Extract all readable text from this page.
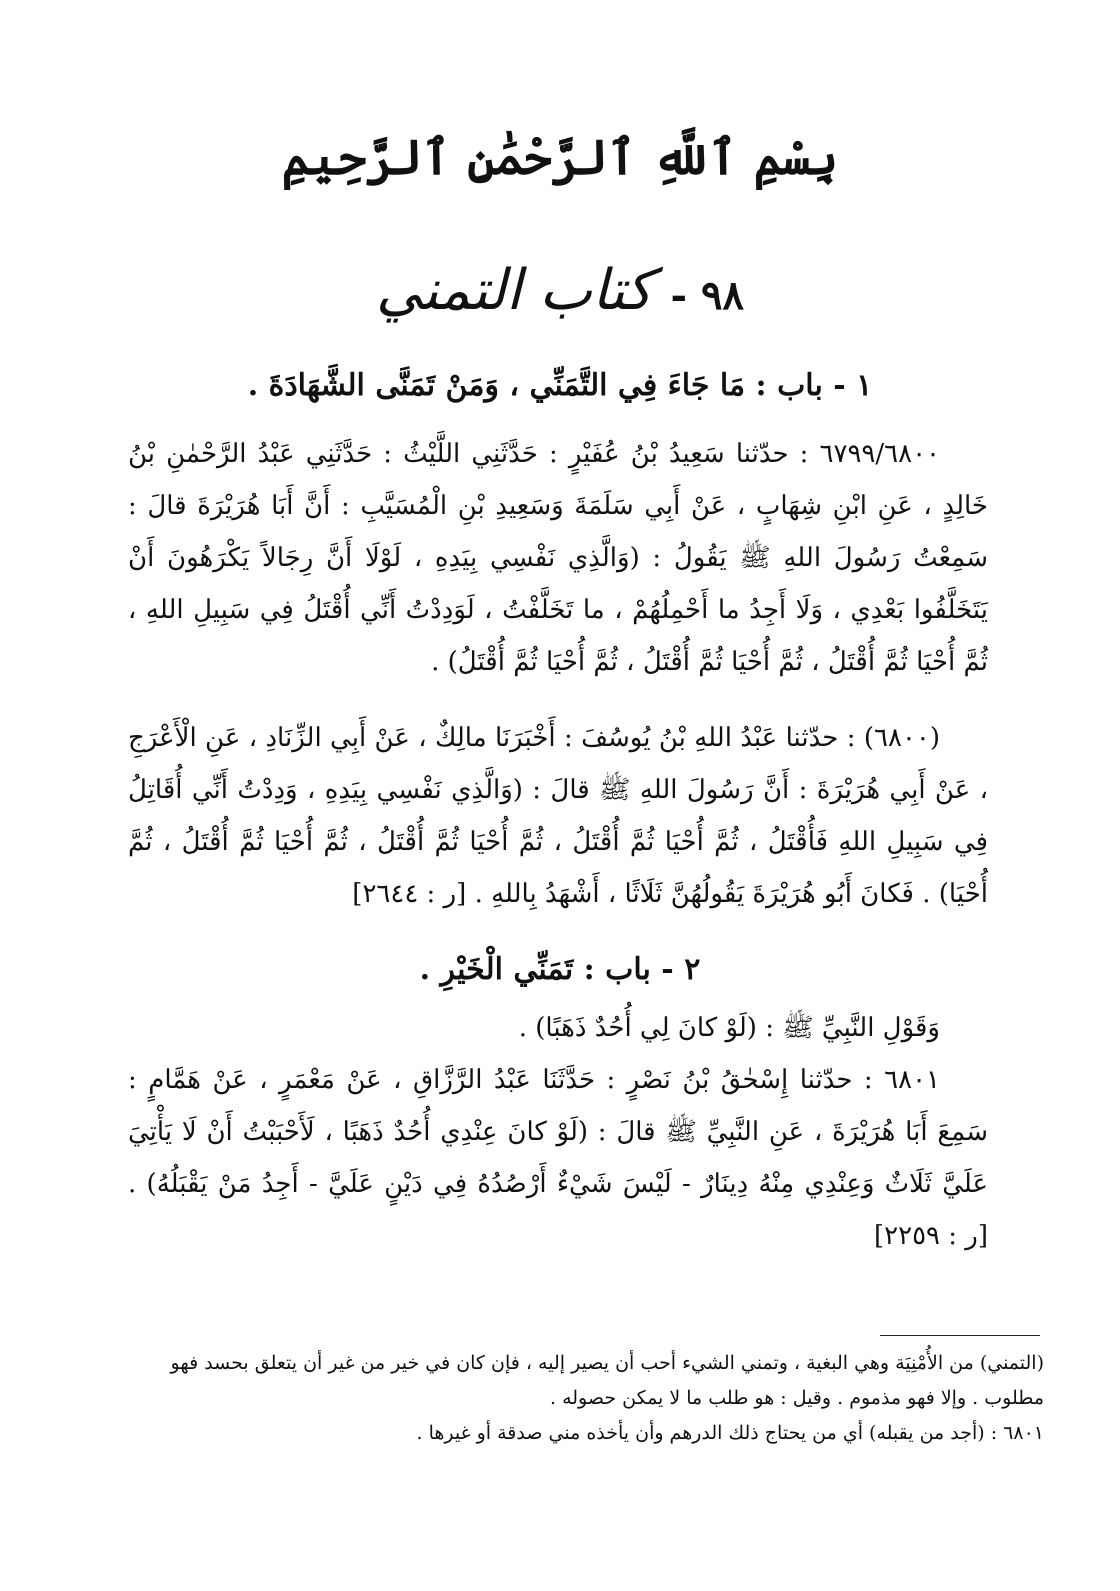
بِسْمِ ٱللَّهِ ٱلرَّحْمَٰنِ ٱلرَّحِيمِ
٩٨ - كتاب التمني
١ - باب : مَا جَاءَ فِي التَّمَنِّي ، وَمَنْ تَمَنَّى الشَّهَادَةَ .
٦٧٩٩/٦٨٠٠ : حدّثنا سَعِيدُ بْنُ عُفَيْرٍ : حَدَّثَنِي اللَّيْثُ : حَدَّثَنِي عَبْدُ الرَّحْمٰنِ بْنُ خَالِدٍ ، عَنِ ابْنِ شِهَابٍ ، عَنْ أَبِي سَلَمَةَ وَسَعِيدِ بْنِ الْمُسَيَّبِ : أَنَّ أَبَا هُرَيْرَةَ قالَ : سَمِعْتُ رَسُولَ اللهِ ﷺ يَقُولُ : (وَالَّذِي نَفْسِي بِيَدِهِ ، لَوْلَا أَنَّ رِجَالاً يَكْرَهُونَ أَنْ يَتَخَلَّفُوا بَعْدِي ، وَلَا أَجِدُ ما أَحْمِلُهُمْ ، ما تَخَلَّفْتُ ، لَوَدِدْتُ أَنِّي أُقْتَلُ فِي سَبِيلِ اللهِ ، ثُمَّ أُحْيَا ثُمَّ أُقْتَلُ ، ثُمَّ أُحْيَا ثُمَّ أُقْتَلُ ، ثُمَّ أُحْيَا ثُمَّ أُقْتَلُ) .
(٦٨٠٠) : حدّثنا عَبْدُ اللهِ بْنُ يُوسُفَ : أَخْبَرَنَا مالِكٌ ، عَنْ أَبِي الزِّنَادِ ، عَنِ الْأَعْرَجِ ، عَنْ أَبِي هُرَيْرَةَ : أَنَّ رَسُولَ اللهِ ﷺ قالَ : (وَالَّذِي نَفْسِي بِيَدِهِ ، وَدِدْتُ أَنِّي أُقَاتِلُ فِي سَبِيلِ اللهِ فَأُقْتَلُ ، ثُمَّ أُحْيَا ثُمَّ أُقْتَلُ ، ثُمَّ أُحْيَا ثُمَّ أُقْتَلُ ، ثُمَّ أُحْيَا ثُمَّ أُقْتَلُ ، ثُمَّ أُحْيَا) . فَكانَ أَبُو هُرَيْرَةَ يَقُولُهُنَّ ثَلَاثًا ، أَشْهَدُ بِاللهِ . [ر : ٢٦٤٤]
٢ - باب : تَمَنِّي الْخَيْرِ .
وَقَوْلِ النَّبِيِّ ﷺ : (لَوْ كانَ لِي أُحُدٌ ذَهَبًا) .
٦٨٠١ : حدّثنا إِسْحٰقُ بْنُ نَصْرٍ : حَدَّثَنَا عَبْدُ الرَّزَّاقِ ، عَنْ مَعْمَرٍ ، عَنْ هَمَّامٍ : سَمِعَ أَبَا هُرَيْرَةَ ، عَنِ النَّبِيِّ ﷺ قالَ : (لَوْ كانَ عِنْدِي أُحُدٌ ذَهَبًا ، لَأَحْبَبْتُ أَنْ لَا يَأْتِيَ عَلَيَّ ثَلَاثٌ وَعِنْدِي مِنْهُ دِينَارٌ - لَيْسَ شَيْءٌ أَرْصُدُهُ فِي دَيْنٍ عَلَيَّ - أَجِدُ مَنْ يَقْبَلُهُ) . [ر : ٢٢٥٩]
(التمني) من الأُمْنِيَة وهي البغية ، وتمني الشيء أحب أن يصير إليه ، فإن كان في خير من غير أن يتعلق بحسد فهو مطلوب . وإلا فهو مذموم . وقيل : هو طلب ما لا يمكن حصوله .
٦٨٠١ : (أجد من يقبله) أي من يحتاج ذلك الدرهم وأن يأخذه مني صدقة أو غيرها .
